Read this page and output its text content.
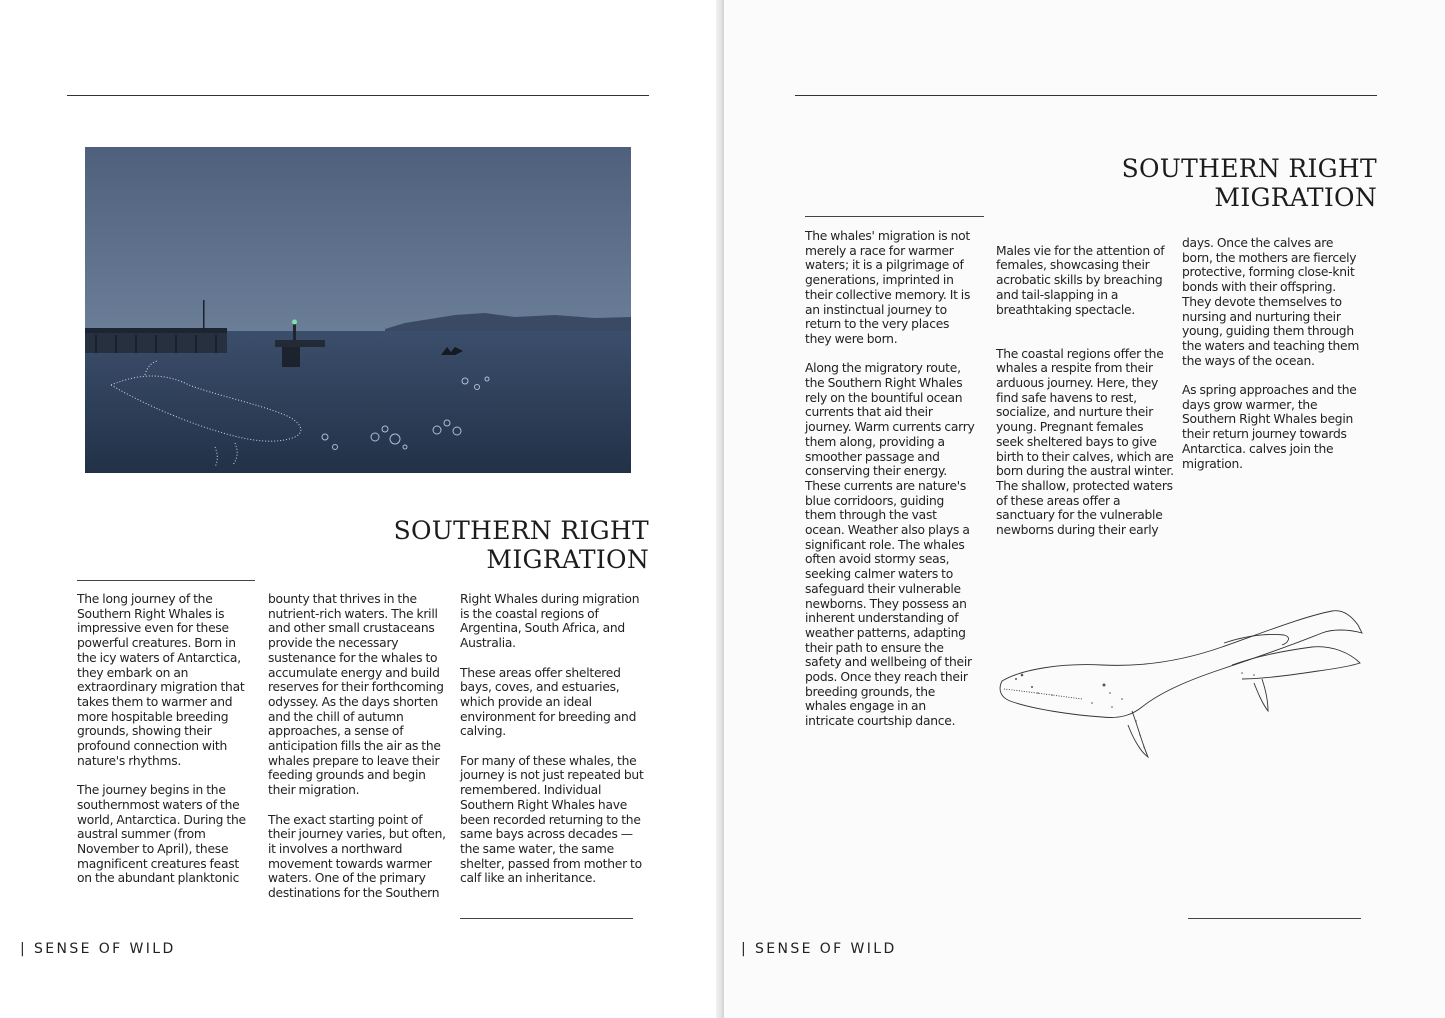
SOUTHERN RIGHT
MIGRATION

The long journey of the Southern Right Whales is impressive even for these powerful creatures. Born in the icy waters of Antarctica, they embark on an extraordinary migration that takes them to warmer and more hospitable breeding grounds, showing their profound connection with nature's rhythms.

The journey begins in the southernmost waters of the world, Antarctica. During the austral summer (from November to April), these magnificent creatures feast on the abundant planktonic

bounty that thrives in the nutrient-rich waters. The krill and other small crustaceans provide the necessary sustenance for the whales to accumulate energy and build reserves for their forthcoming odyssey. As the days shorten and the chill of autumn approaches, a sense of anticipation fills the air as the whales prepare to leave their feeding grounds and begin their migration.

The exact starting point of their journey varies, but often, it involves a northward movement towards warmer waters. One of the primary destinations for the Southern

Right Whales during migration is the coastal regions of Argentina, South Africa, and Australia.

These areas offer sheltered bays, coves, and estuaries, which provide an ideal environment for breeding and calving.

For many of these whales, the journey is not just repeated but remembered. Individual Southern Right Whales have been recorded returning to the same bays across decades — the same water, the same shelter, passed from mother to calf like an inheritance.

| SENSE OF WILD
SOUTHERN RIGHT
MIGRATION

The whales' migration is not merely a race for warmer waters; it is a pilgrimage of generations, imprinted in their collective memory. It is an instinctual journey to return to the very places they were born.

Along the migratory route, the Southern Right Whales rely on the bountiful ocean currents that aid their journey. Warm currents carry them along, providing a smoother passage and conserving their energy. These currents are nature's blue corridoors, guiding them through the vast ocean. Weather also plays a significant role. The whales often avoid stormy seas, seeking calmer waters to safeguard their vulnerable newborns. They possess an inherent understanding of weather patterns, adapting their path to ensure the safety and wellbeing of their pods. Once they reach their breeding grounds, the whales engage in an intricate courtship dance.

Males vie for the attention of females, showcasing their acrobatic skills by breaching and tail-slapping in a breathtaking spectacle.

The coastal regions offer the whales a respite from their arduous journey. Here, they find safe havens to rest, socialize, and nurture their young. Pregnant females seek sheltered bays to give birth to their calves, which are born during the austral winter.
The shallow, protected waters of these areas offer a sanctuary for the vulnerable newborns during their early

days. Once the calves are born, the mothers are fiercely protective, forming close-knit bonds with their offspring. They devote themselves to nursing and nurturing their young, guiding them through the waters and teaching them the ways of the ocean.

As spring approaches and the days grow warmer, the Southern Right Whales begin their return journey towards Antarctica. calves join the migration.

| SENSE OF WILD
